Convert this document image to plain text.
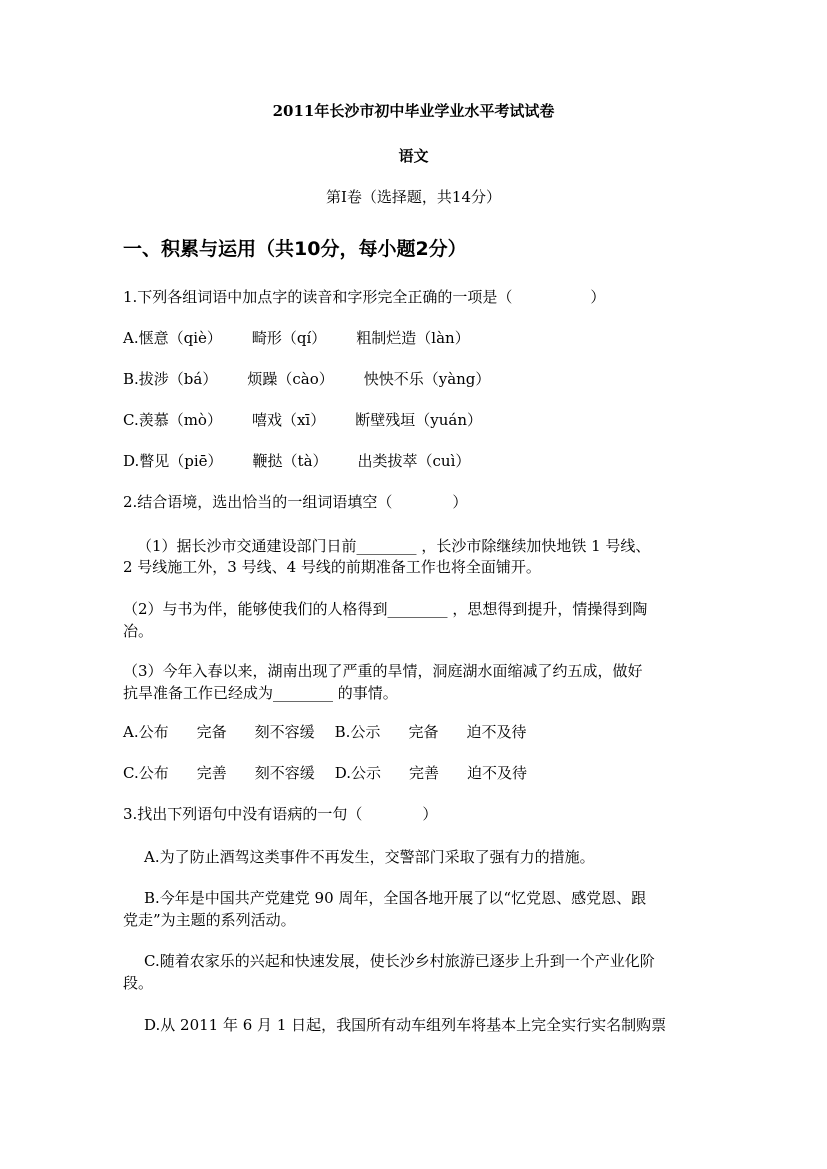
2011年长沙市初中毕业学业水平考试试卷
语文
第Ⅰ卷（选择题，共14分）
一、积累与运用（共10分，每小题2分）
1.下列各组词语中加点字的读音和字形完全正确的一项是（	）
A.惬意（qiè） 畸形（qí） 粗制烂造（làn）
B.拔涉（bá） 烦躁（cào） 怏怏不乐（yàng）
C.羡慕（mò） 嘻戏（xī） 断壁残垣（yuán）
D.瞥见（piē） 鞭挞（tà） 出类拔萃（cuì）
2.结合语境，选出恰当的一组词语填空（	）
（1）据长沙市交通建设部门日前________ ，长沙市除继续加快地铁 1 号线、
2 号线施工外，3 号线、4 号线的前期准备工作也将全面铺开。
（2）与书为伴，能够使我们的人格得到________ ，思想得到提升，情操得到陶
冶。
（3）今年入春以来，湖南出现了严重的旱情，洞庭湖水面缩减了约五成，做好
抗旱准备工作已经成为________ 的事情。
A.公布 完备 刻不容缓 B.公示 完备 迫不及待
C.公布 完善 刻不容缓 D.公示 完善 迫不及待
3.找出下列语句中没有语病的一句（	）
A.为了防止酒驾这类事件不再发生，交警部门采取了强有力的措施。
B.今年是中国共产党建党 90 周年，全国各地开展了以“忆党恩、感党恩、跟
党走”为主题的系列活动。
C.随着农家乐的兴起和快速发展，使长沙乡村旅游已逐步上升到一个产业化阶
段。
D.从 2011 年 6 月 1 日起，我国所有动车组列车将基本上完全实行实名制购票
